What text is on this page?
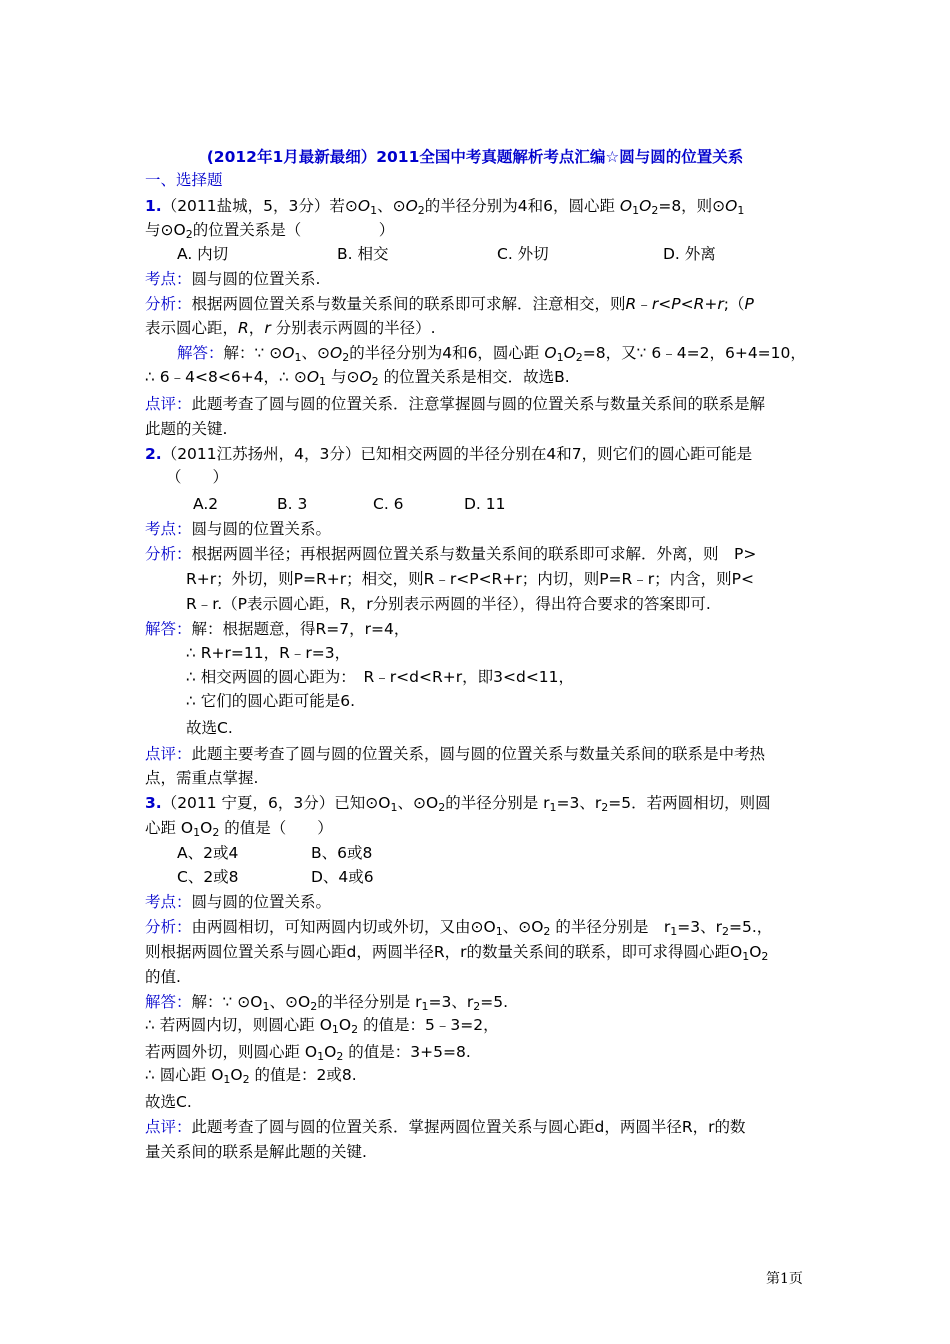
(2012年1月最新最细）2011全国中考真题解析考点汇编☆圆与圆的位置关系
一、选择题
1.（2011盐城，5，3分）若$⊙O_1$、$⊙O_2$的半径分别为4和6，圆心距 $O_1O_2=8$，则$⊙O_1$
与$⊙O_2$的位置关系是（　　　　　）
A. 内切	B. 相交	C. 外切	D. 外离
考点：圆与圆的位置关系.
分析：根据两圆位置关系与数量关系间的联系即可求解．注意相交，则R﹣r<P<R+r;（P
表示圆心距，R，r 分别表示两圆的半径）.
解答：解：∵ $⊙O_1$、$⊙O_2$的半径分别为4和6，圆心距 $O_1O_2=8$，又∵ 6﹣4=2，6+4=10，
∴ 6﹣4<8<6+4，∴ $⊙O_1$ 与$⊙O_2$ 的位置关系是相交．故选B.
点评：此题考查了圆与圆的位置关系．注意掌握圆与圆的位置关系与数量关系间的联系是解
此题的关键.
2.（2011江苏扬州，4，3分）已知相交两圆的半径分别在4和7，则它们的圆心距可能是
（　　）
A.2	B. 3	C. 6	D. 11
考点：圆与圆的位置关系。
分析：根据两圆半径；再根据两圆位置关系与数量关系间的联系即可求解．外离，则　P>
R+r；外切，则P=R+r；相交，则R﹣r<P<R+r；内切，则P=R﹣r；内含，则P<
R﹣r.（P表示圆心距，R，r分别表示两圆的半径），得出符合要求的答案即可.
解答：解：根据题意，得R=7，r=4，
∴ R+r=11，R﹣r=3，
∴ 相交两圆的圆心距为：　R﹣r<d<R+r，即3<d<11，
∴ 它们的圆心距可能是6.
故选C.
点评：此题主要考查了圆与圆的位置关系，圆与圆的位置关系与数量关系间的联系是中考热
点，需重点掌握.
3.（2011 宁夏，6，3分）已知$⊙O_1$、$⊙O_2$的半径分别是 $r_1=3$、$r_2=5$．若两圆相切，则圆
心距 $O_1O_2$ 的值是（　　）
A、2或4	B、6或8
C、2或8	D、4或6
考点：圆与圆的位置关系。
分析：由两圆相切，可知两圆内切或外切，又由$⊙O_1$、$⊙O_2$ 的半径分别是　$r_1=3$、$r_2=5$.，
则根据两圆位置关系与圆心距d，两圆半径R，r的数量关系间的联系，即可求得圆心距$O_1O_2$
的值.
解答：解：∵ $⊙O_1$、$⊙O_2$的半径分别是 $r_1=3$、$r_2=5$.
∴ 若两圆内切，则圆心距 $O_1O_2$ 的值是：5﹣3=2，
若两圆外切，则圆心距 $O_1O_2$ 的值是：3+5=8.
∴ 圆心距 $O_1O_2$ 的值是：2或8.
故选C.
点评：此题考查了圆与圆的位置关系．掌握两圆位置关系与圆心距d，两圆半径R，r的数
量关系间的联系是解此题的关键.
第1页
